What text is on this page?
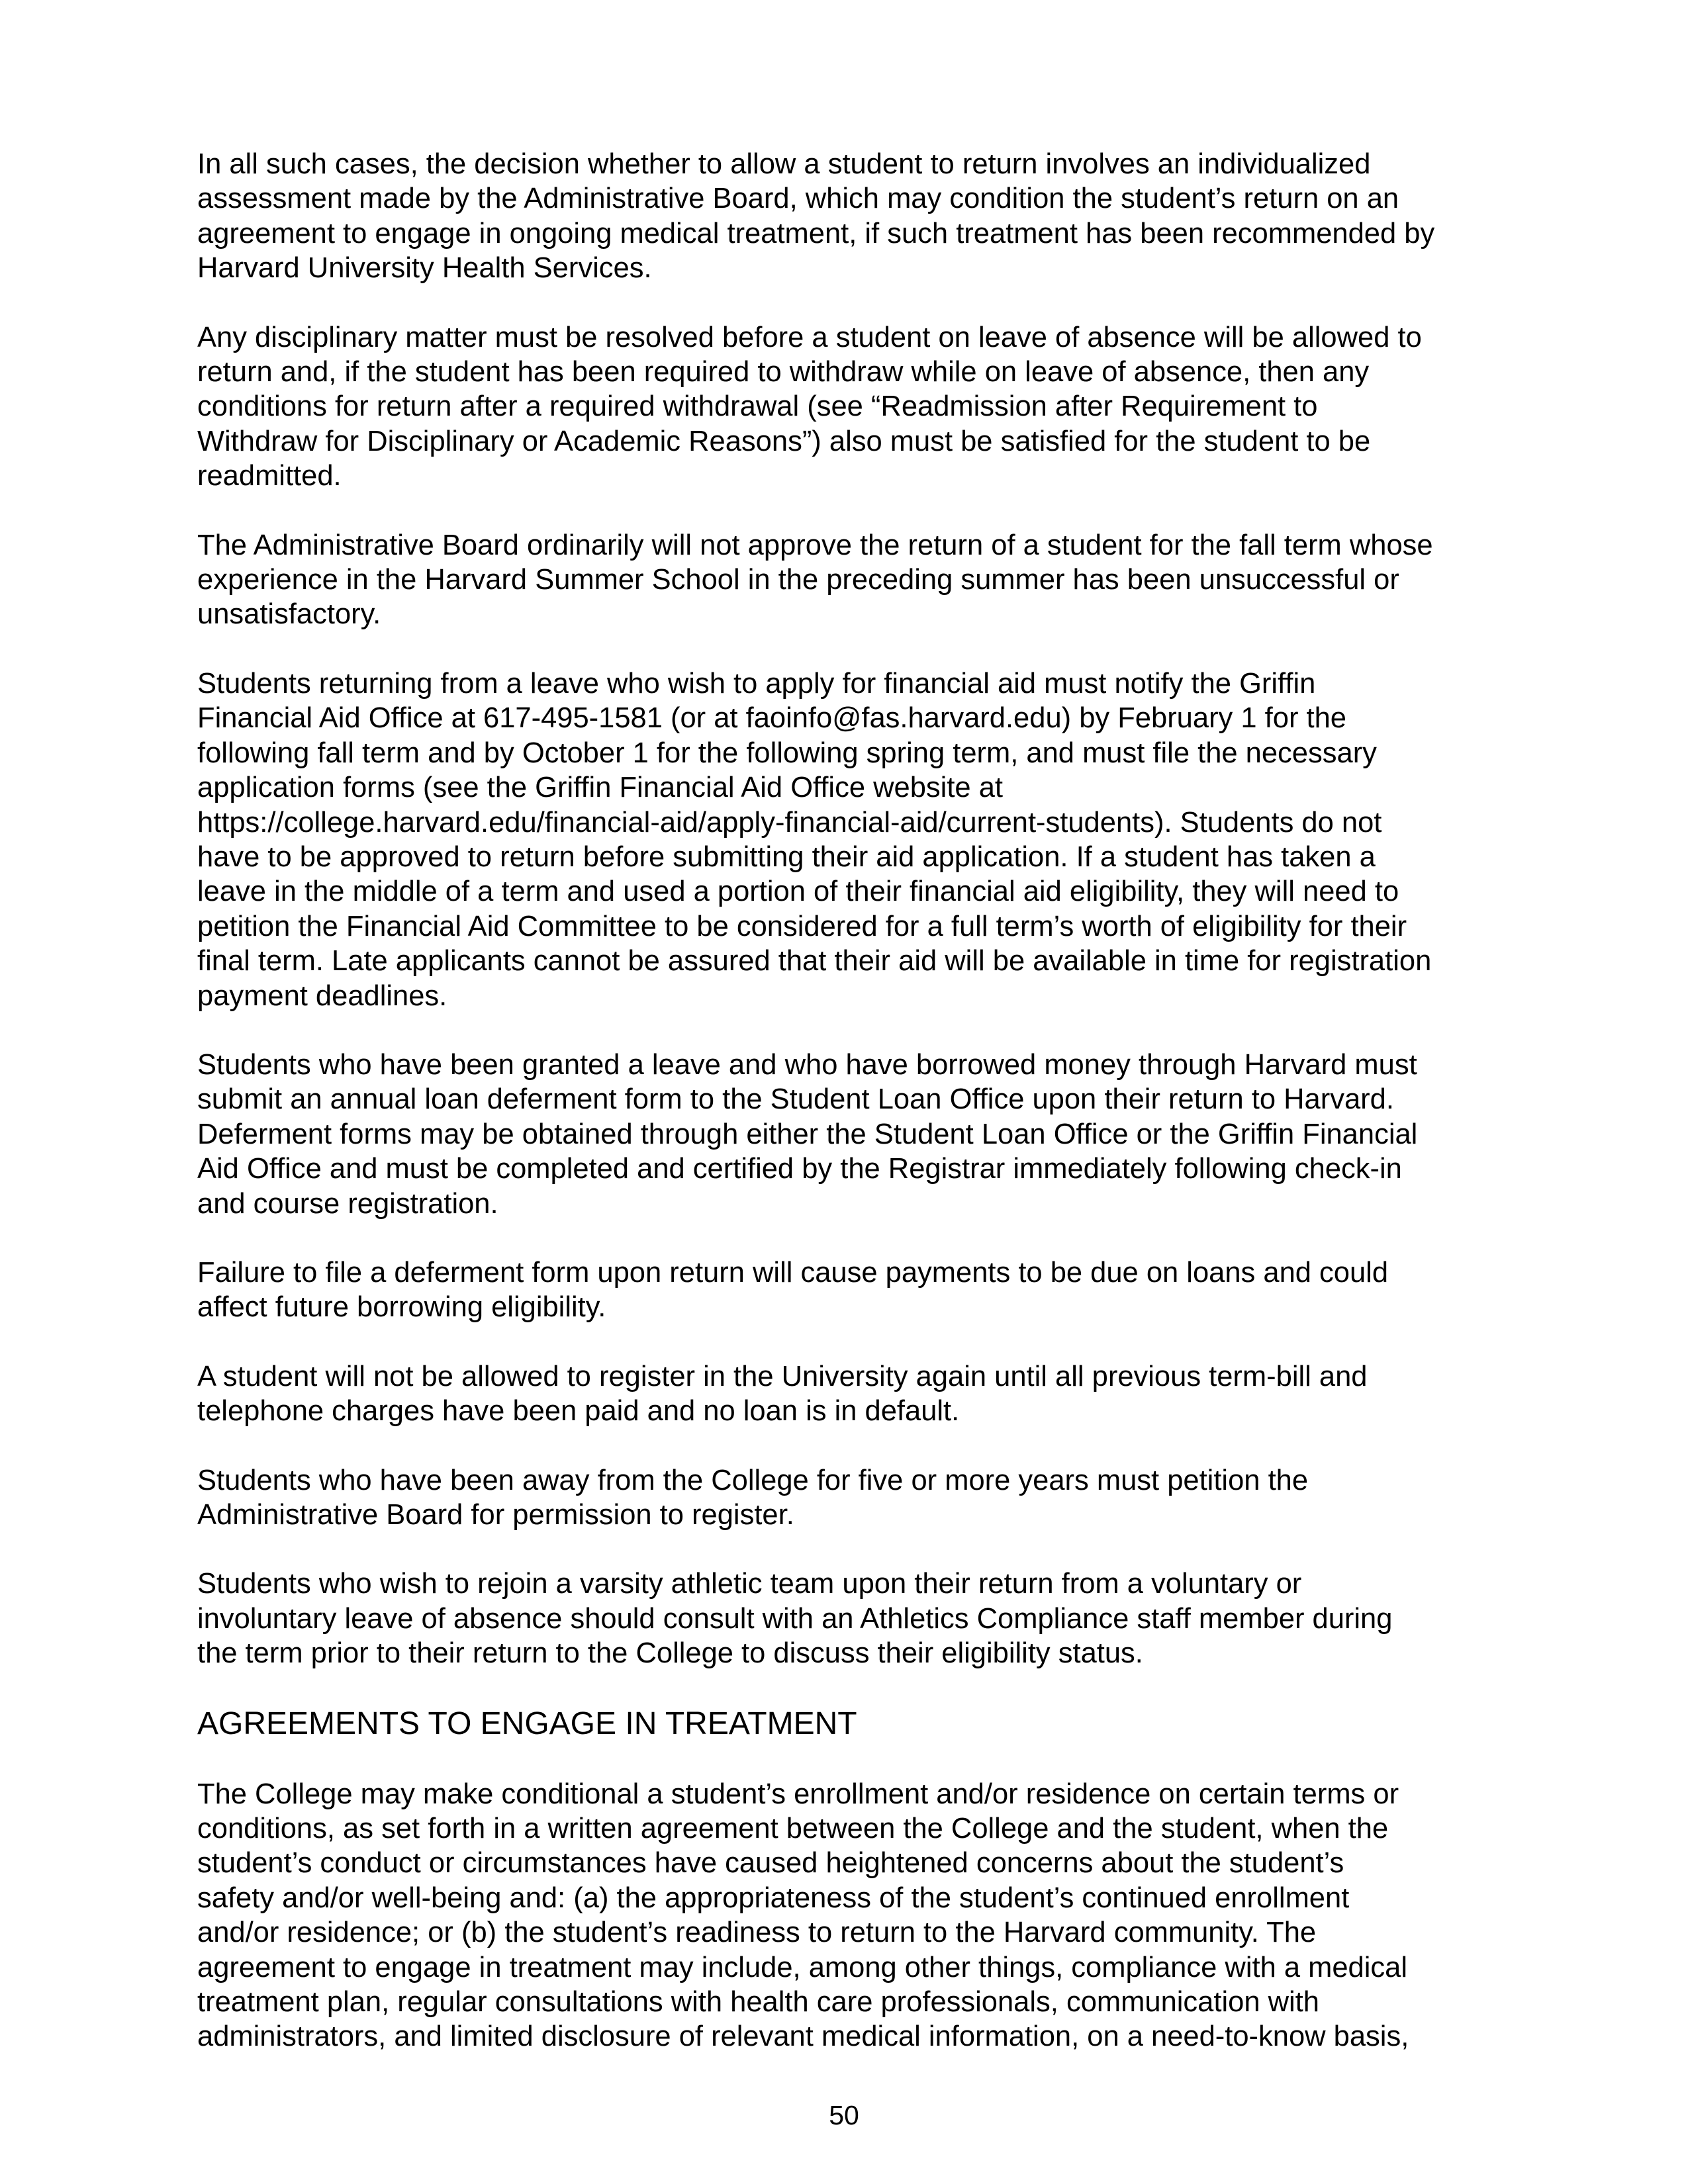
In all such cases, the decision whether to allow a student to return involves an individualized
assessment made by the Administrative Board, which may condition the student’s return on an
agreement to engage in ongoing medical treatment, if such treatment has been recommended by
Harvard University Health Services.
Any disciplinary matter must be resolved before a student on leave of absence will be allowed to
return and, if the student has been required to withdraw while on leave of absence, then any
conditions for return after a required withdrawal (see “Readmission after Requirement to
Withdraw for Disciplinary or Academic Reasons”) also must be satisfied for the student to be
readmitted.
The Administrative Board ordinarily will not approve the return of a student for the fall term whose
experience in the Harvard Summer School in the preceding summer has been unsuccessful or
unsatisfactory.
Students returning from a leave who wish to apply for financial aid must notify the Griffin
Financial Aid Office at 617-495-1581 (or at faoinfo@fas.harvard.edu) by February 1 for the
following fall term and by October 1 for the following spring term, and must file the necessary
application forms (see the Griffin Financial Aid Office website at
https://college.harvard.edu/financial-aid/apply-financial-aid/current-students). Students do not
have to be approved to return before submitting their aid application. If a student has taken a
leave in the middle of a term and used a portion of their financial aid eligibility, they will need to
petition the Financial Aid Committee to be considered for a full term’s worth of eligibility for their
final term. Late applicants cannot be assured that their aid will be available in time for registration
payment deadlines.
Students who have been granted a leave and who have borrowed money through Harvard must
submit an annual loan deferment form to the Student Loan Office upon their return to Harvard.
Deferment forms may be obtained through either the Student Loan Office or the Griffin Financial
Aid Office and must be completed and certified by the Registrar immediately following check-in
and course registration.
Failure to file a deferment form upon return will cause payments to be due on loans and could
affect future borrowing eligibility.
A student will not be allowed to register in the University again until all previous term-bill and
telephone charges have been paid and no loan is in default.
Students who have been away from the College for five or more years must petition the
Administrative Board for permission to register.
Students who wish to rejoin a varsity athletic team upon their return from a voluntary or
involuntary leave of absence should consult with an Athletics Compliance staff member during
the term prior to their return to the College to discuss their eligibility status.
AGREEMENTS TO ENGAGE IN TREATMENT
The College may make conditional a student’s enrollment and/or residence on certain terms or
conditions, as set forth in a written agreement between the College and the student, when the
student’s conduct or circumstances have caused heightened concerns about the student’s
safety and/or well-being and: (a) the appropriateness of the student’s continued enrollment
and/or residence; or (b) the student’s readiness to return to the Harvard community. The
agreement to engage in treatment may include, among other things, compliance with a medical
treatment plan, regular consultations with health care professionals, communication with
administrators, and limited disclosure of relevant medical information, on a need-to-know basis,
50
